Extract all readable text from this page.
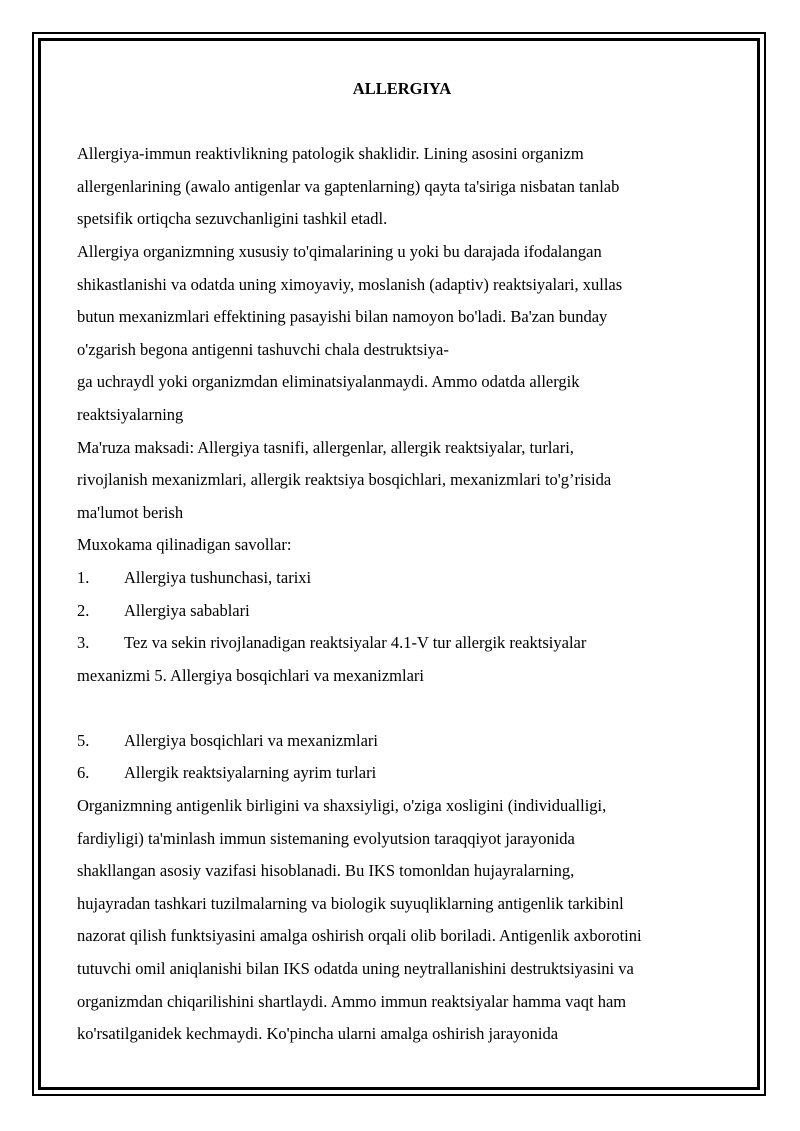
ALLERGIYA
Allergiya-immun reaktivlikning patologik shaklidir. Lining asosini organizm
allergenlarining (awalo antigenlar va gaptenlarning) qayta ta'siriga nisbatan tanlab
spetsifik ortiqcha sezuvchanligini tashkil etadl.
Allergiya organizmning xususiy to'qimalarining u yoki bu darajada ifodalangan
shikastlanishi va odatda uning ximoyaviy, moslanish (adaptiv) reaktsiyalari, xullas
butun mexanizmlari effektining pasayishi bilan namoyon bo'ladi. Ba'zan bunday
o'zgarish begona antigenni tashuvchi chala destruktsiya-
ga uchraydl yoki organizmdan eliminatsiyalanmaydi. Ammo odatda allergik
reaktsiyalarning
Ma'ruza maksadi: Allergiya tasnifi, allergenlar, allergik reaktsiyalar, turlari,
rivojlanish mexanizmlari, allergik reaktsiya bosqichlari, mexanizmlari to'g’risida
ma'lumot berish
Muxokama qilinadigan savollar:
1. Allergiya tushunchasi, tarixi
2. Allergiya sabablari
3. Tez va sekin rivojlanadigan reaktsiyalar 4.1-V tur allergik reaktsiyalar
mexanizmi 5. Allergiya bosqichlari va mexanizmlari
5. Allergiya bosqichlari va mexanizmlari
6. Allergik reaktsiyalarning ayrim turlari
Organizmning antigenlik birligini va shaxsiyligi, o'ziga xosligini (individualligi,
fardiyligi) ta'minlash immun sistemaning evolyutsion taraqqiyot jarayonida
shakllangan asosiy vazifasi hisoblanadi. Bu IKS tomonldan hujayralarning,
hujayradan tashkari tuzilmalarning va biologik suyuqliklarning antigenlik tarkibinl
nazorat qilish funktsiyasini amalga oshirish orqali olib boriladi. Antigenlik axborotini
tutuvchi omil aniqlanishi bilan IKS odatda uning neytrallanishini destruktsiyasini va
organizmdan chiqarilishini shartlaydi. Ammo immun reaktsiyalar hamma vaqt ham
ko'rsatilganidek kechmaydi. Ko'pincha ularni amalga oshirish jarayonida
